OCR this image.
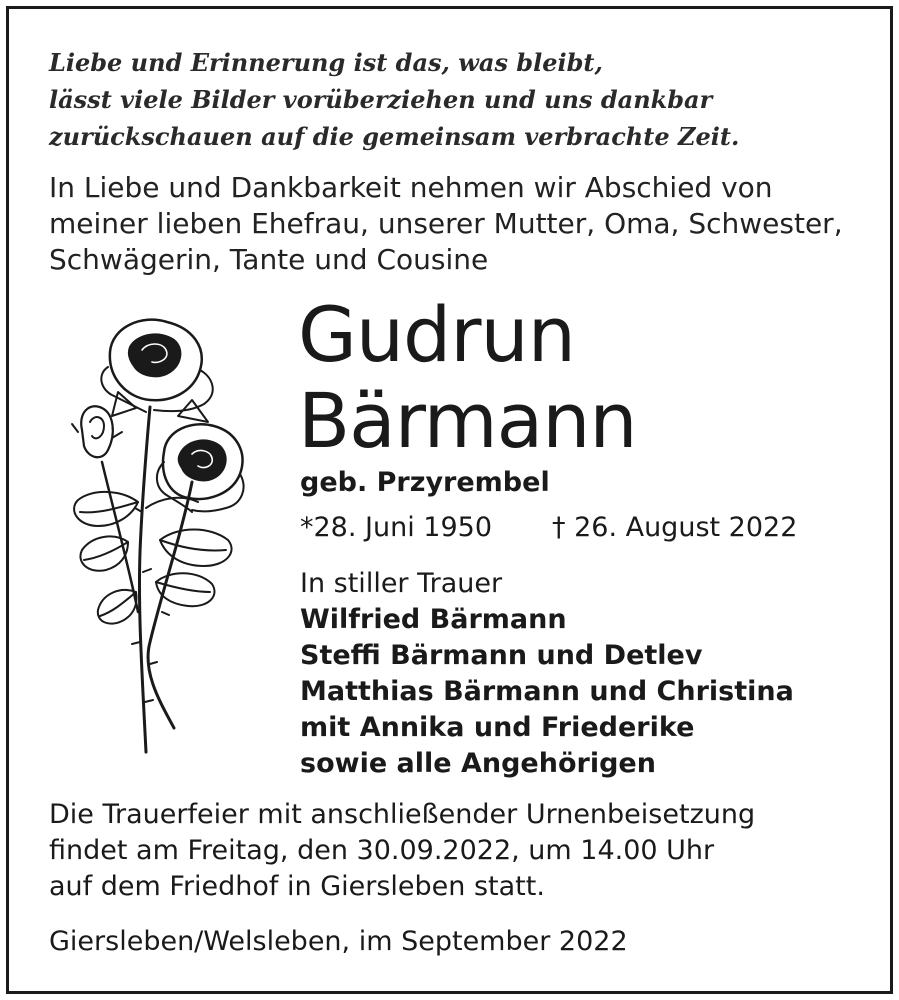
Liebe und Erinnerung ist das, was bleibt,
lässt viele Bilder vorüberziehen und uns dankbar
zurückschauen auf die gemeinsam verbrachte Zeit.
In Liebe und Dankbarkeit nehmen wir Abschied von
meiner lieben Ehefrau, unserer Mutter, Oma, Schwester,
Schwägerin, Tante und Cousine
Gudrun
Bärmann
geb. Przyrembel
*28. Juni 1950 † 26. August 2022
In stiller Trauer
Wilfried Bärmann
Steffi Bärmann und Detlev
Matthias Bärmann und Christina
mit Annika und Friederike
sowie alle Angehörigen
Die Trauerfeier mit anschließender Urnenbeisetzung
findet am Freitag, den 30.09.2022, um 14.00 Uhr
auf dem Friedhof in Giersleben statt.
Giersleben/Welsleben, im September 2022
